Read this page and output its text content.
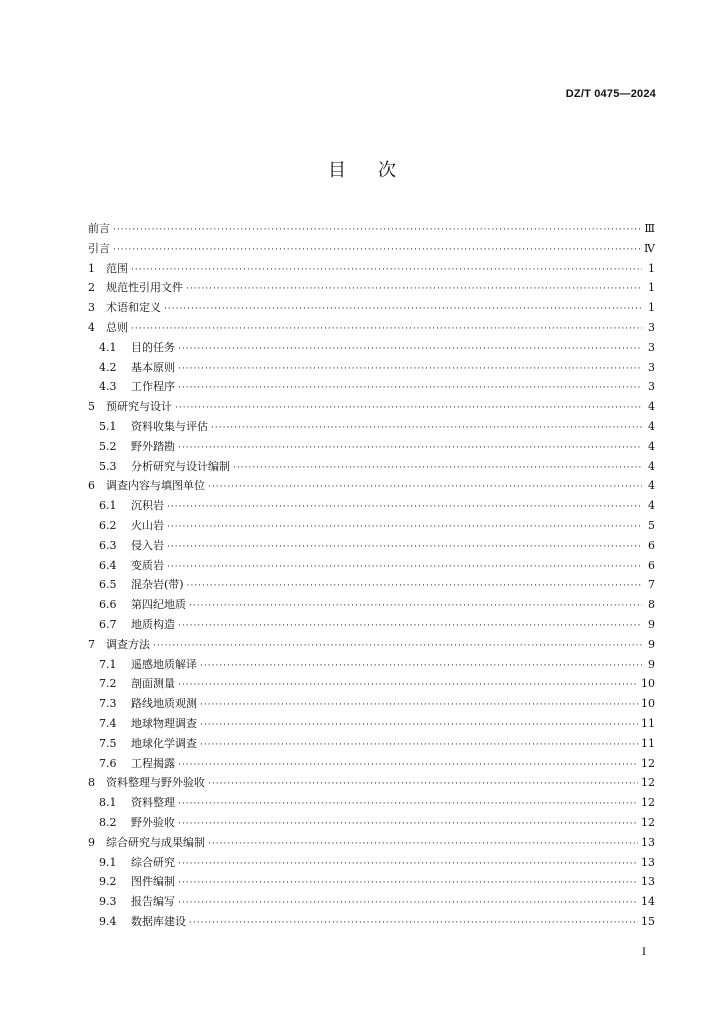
DZ/T 0475—2024
目次
前言 ·····	Ⅲ
引言 ·····	Ⅳ
1	范围 ·····	1
2	规范性引用文件 ·····	1
3	术语和定义 ·····	1
4	总则 ·····	3
4.1	目的任务 ·····	3
4.2	基本原则 ·····	3
4.3	工作程序 ·····	3
5	预研究与设计 ·····	4
5.1	资料收集与评估 ·····	4
5.2	野外踏勘 ·····	4
5.3	分析研究与设计编制 ·····	4
6	调查内容与填图单位 ·····	4
6.1	沉积岩 ·····	4
6.2	火山岩 ·····	5
6.3	侵入岩 ·····	6
6.4	变质岩 ·····	6
6.5	混杂岩(带) ·····	7
6.6	第四纪地质 ·····	8
6.7	地质构造 ·····	9
7	调查方法 ·····	9
7.1	遥感地质解译 ·····	9
7.2	剖面测量 ·····	10
7.3	路线地质观测 ·····	10
7.4	地球物理调查 ·····	11
7.5	地球化学调查 ·····	11
7.6	工程揭露 ·····	12
8	资料整理与野外验收 ·····	12
8.1	资料整理 ·····	12
8.2	野外验收 ·····	12
9	综合研究与成果编制 ·····	13
9.1	综合研究 ·····	13
9.2	图件编制 ·····	13
9.3	报告编写 ·····	14
9.4	数据库建设 ·····	15
I
